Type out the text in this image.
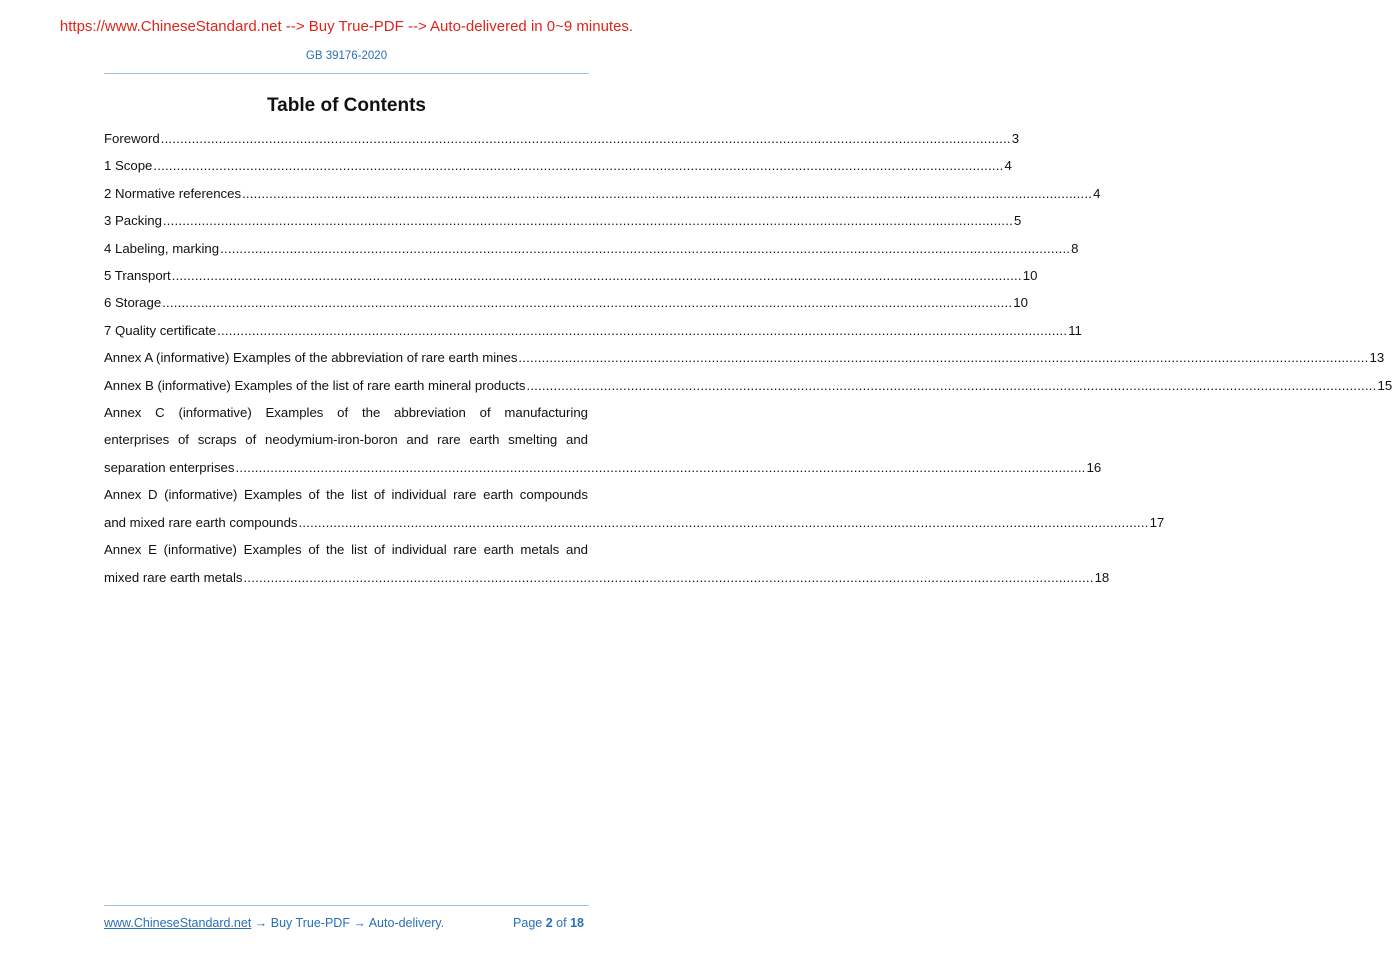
https://www.ChineseStandard.net --> Buy True-PDF --> Auto-delivered in 0~9 minutes.
GB 39176-2020
Table of Contents
Foreword .....	3
1 Scope .....	4
2 Normative references .....	4
3 Packing .....	5
4 Labeling, marking .....	8
5 Transport .....	10
6 Storage .....	10
7 Quality certificate .....	11
Annex A (informative) Examples of the abbreviation of rare earth mines .....	13
Annex B (informative) Examples of the list of rare earth mineral products .....	15
Annex C (informative) Examples of the abbreviation of manufacturing
enterprises of scraps of neodymium-iron-boron and rare earth smelting and
separation enterprises .....	16
Annex D (informative) Examples of the list of individual rare earth compounds
and mixed rare earth compounds .....	17
Annex E (informative) Examples of the list of individual rare earth metals and
mixed rare earth metals .....	18
www.ChineseStandard.net → Buy True-PDF → Auto-delivery.	Page 2 of 18
